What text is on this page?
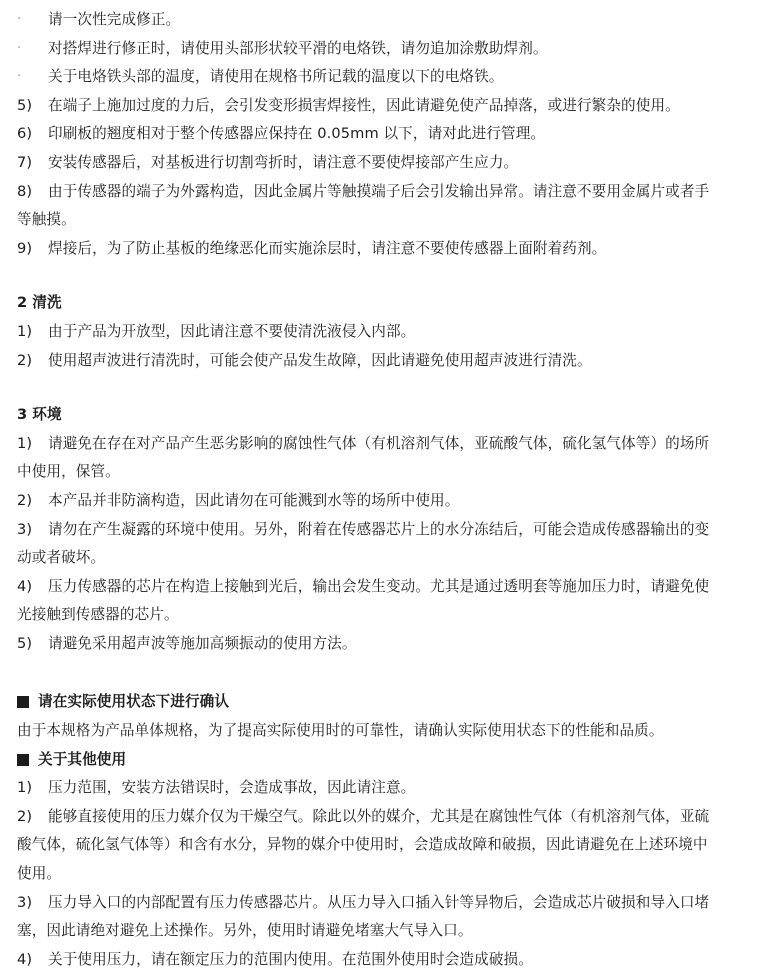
·	请一次性完成修正。
·	对搭焊进行修正时，请使用头部形状较平滑的电烙铁，请勿追加涂敷助焊剂。
·	关于电烙铁头部的温度，请使用在规格书所记载的温度以下的电烙铁。
5)	在端子上施加过度的力后，会引发变形损害焊接性，因此请避免使产品掉落，或进行繁杂的使用。
6)	印刷板的翘度相对于整个传感器应保持在 0.05mm 以下，请对此进行管理。
7)	安装传感器后，对基板进行切割弯折时，请注意不要使焊接部产生应力。
8)	由于传感器的端子为外露构造，因此金属片等触摸端子后会引发输出异常。请注意不要用金属片或者手
等触摸。
9)	焊接后，为了防止基板的绝缘恶化而实施涂层时，请注意不要使传感器上面附着药剂。
2 清洗
1)	由于产品为开放型，因此请注意不要使清洗液侵入内部。
2)	使用超声波进行清洗时，可能会使产品发生故障，因此请避免使用超声波进行清洗。
3 环境
1)	请避免在存在对产品产生恶劣影响的腐蚀性气体（有机溶剂气体，亚硫酸气体，硫化氢气体等）的场所
中使用，保管。
2)	本产品并非防滴构造，因此请勿在可能溅到水等的场所中使用。
3)	请勿在产生凝露的环境中使用。另外，附着在传感器芯片上的水分冻结后，可能会造成传感器输出的变
动或者破坏。
4)	压力传感器的芯片在构造上接触到光后，输出会发生变动。尤其是通过透明套等施加压力时，请避免使
光接触到传感器的芯片。
5)	请避免采用超声波等施加高频振动的使用方法。
请在实际使用状态下进行确认
由于本规格为产品单体规格，为了提高实际使用时的可靠性，请确认实际使用状态下的性能和品质。
关于其他使用
1)	压力范围，安装方法错误时，会造成事故，因此请注意。
2)	能够直接使用的压力媒介仅为干燥空气。除此以外的媒介，尤其是在腐蚀性气体（有机溶剂气体，亚硫
酸气体，硫化氢气体等）和含有水分，异物的媒介中使用时，会造成故障和破损，因此请避免在上述环境中
使用。
3)	压力导入口的内部配置有压力传感器芯片。从压力导入口插入针等异物后，会造成芯片破损和导入口堵
塞，因此请绝对避免上述操作。另外，使用时请避免堵塞大气导入口。
4)	关于使用压力，请在额定压力的范围内使用。在范围外使用时会造成破损。
